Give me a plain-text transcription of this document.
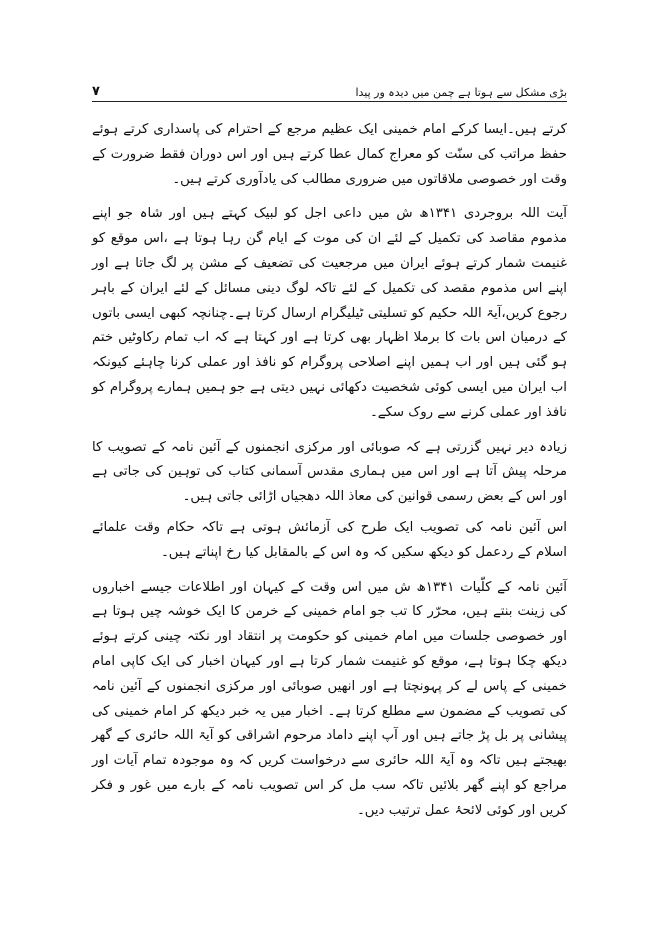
بڑی مشکل سے ہوتا ہے چمن میں دیدہ ور پیدا
۷

کرتے ہیں۔ایسا کرکے امام خمینی ایک عظیم مرجع کے احترام کی پاسداری کرتے ہوئے حفظ مراتب کی سنّت کو معراج کمال عطا کرتے ہیں اور اس دوران فقط ضرورت کے وقت اور خصوصی ملاقاتوں میں ضروری مطالب کی یادآوری کرتے ہیں۔

آیت اللہ بروجردی ۱۳۴۱ھ ش میں داعی اجل کو لبیک کہتے ہیں اور شاہ جو اپنے مذموم مقاصد کی تکمیل کے لئے ان کی موت کے ایام گن رہا ہوتا ہے ،اس موقع کو غنیمت شمار کرتے ہوئے ایران میں مرجعیت کی تضعیف کے مشن پر لگ جاتا ہے اور اپنے اس مذموم مقصد کی تکمیل کے لئے تاکہ لوگ دینی مسائل کے لئے ایران کے باہر رجوع کریں،آیۃ اللہ حکیم کو تسلیتی ٹیلیگرام ارسال کرتا ہے۔چنانچہ کبھی ایسی باتوں کے درمیان اس بات کا برملا اظہار بھی کرتا ہے اور کہتا ہے کہ اب تمام رکاوٹیں ختم ہو گئی ہیں اور اب ہمیں اپنے اصلاحی پروگرام کو نافذ اور عملی کرنا چاہئے کیونکہ اب ایران میں ایسی کوئی شخصیت دکھائی نہیں دیتی ہے جو ہمیں ہمارے پروگرام کو نافذ اور عملی کرنے سے روک سکے۔

زیادہ دیر نہیں گزرتی ہے کہ صوبائی اور مرکزی انجمنوں کے آئین نامہ کے تصویب کا مرحلہ پیش آتا ہے اور اس میں ہماری مقدس آسمانی کتاب کی توہین کی جاتی ہے اور اس کے بعض رسمی قوانین کی معاذ اللہ دھجیاں اڑائی جاتی ہیں۔

اس آئین نامہ کی تصویب ایک طرح کی آزمائش ہوتی ہے تاکہ حکام وقت علمائے اسلام کے ردعمل کو دیکھ سکیں کہ وہ اس کے بالمقابل کیا رخ اپناتے ہیں۔

آئین نامہ کے کلّیات ۱۳۴۱ھ ش میں اس وقت کے کیہان اور اطلاعات جیسے اخباروں کی زینت بنتے ہیں، محرّر کا تب جو امام خمینی کے خرمن کا ایک خوشہ چیں ہوتا ہے اور خصوصی جلسات میں امام خمینی کو حکومت پر انتقاد اور نکتہ چینی کرتے ہوئے دیکھ چکا ہوتا ہے، موقع کو غنیمت شمار کرتا ہے اور کیہان اخبار کی ایک کاپی امام خمینی کے پاس لے کر پہونچتا ہے اور انھیں صوبائی اور مرکزی انجمنوں کے آئین نامہ کی تصویب کے مضمون سے مطلع کرتا ہے۔ اخبار میں یہ خبر دیکھ کر امام خمینی کی پیشانی پر بل پڑ جاتے ہیں اور آپ اپنے داماد مرحوم اشراقی کو آیۃ اللہ حائری کے گھر بھیجتے ہیں تاکہ وہ آیۃ اللہ حائری سے درخواست کریں کہ وہ موجودہ تمام آیات اور مراجع کو اپنے گھر بلائیں تاکہ سب مل کر اس تصویب نامہ کے بارے میں غور و فکر کریں اور کوئی لائحۂ عمل ترتیب دیں۔
